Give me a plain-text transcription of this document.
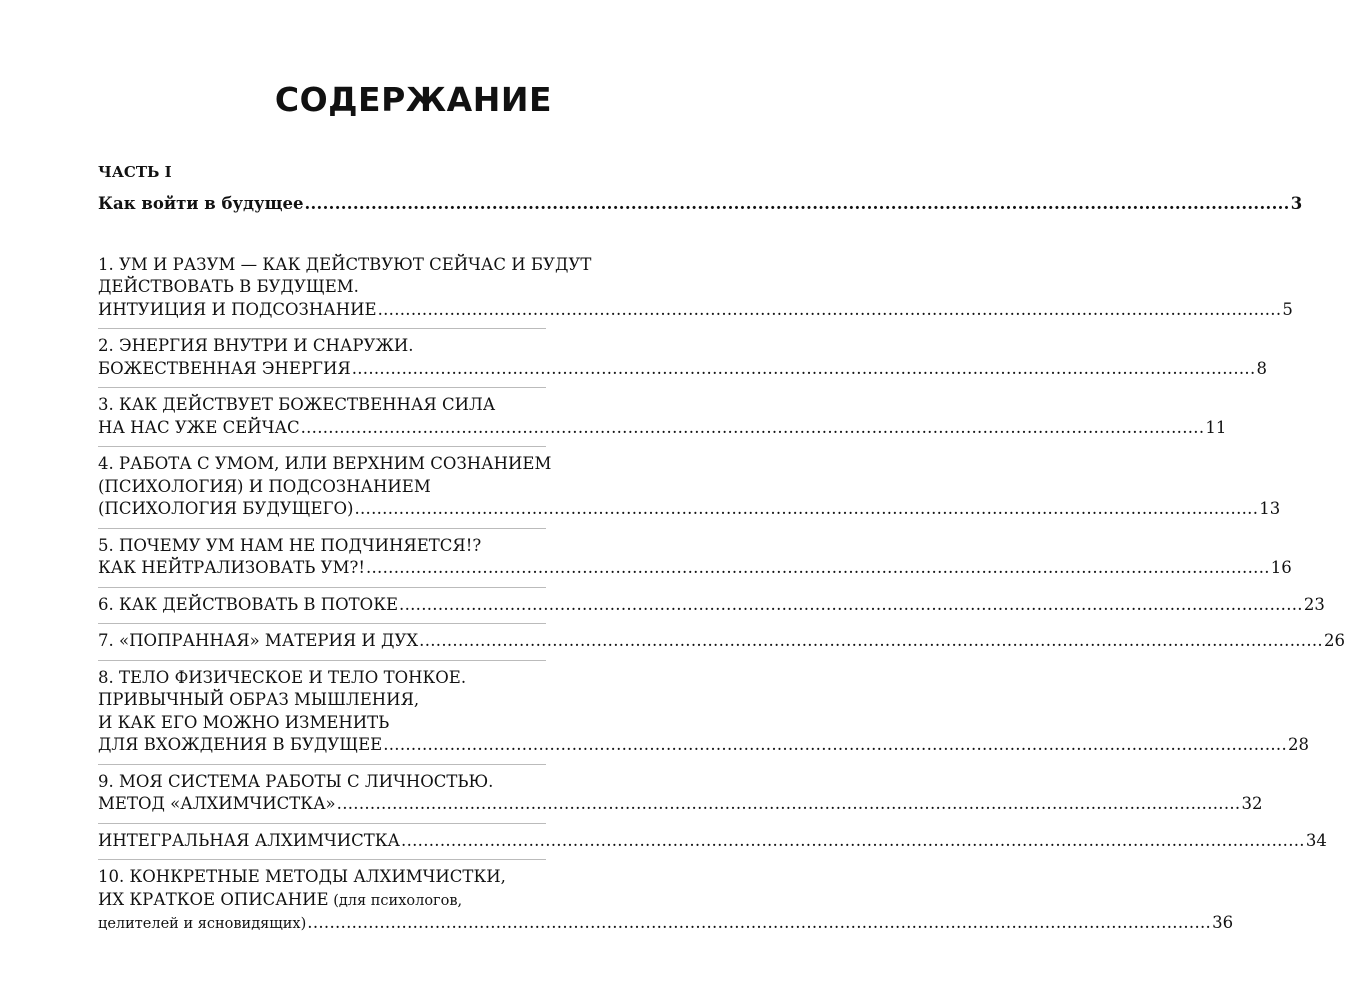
СОДЕРЖАНИЕ
ЧАСТЬ I
Как войти в будущее ................................................................................................................................................................... 3
1. УМ И РАЗУМ — КАК ДЕЙСТВУЮТ СЕЙЧАС И БУДУТ
ДЕЙСТВОВАТЬ В БУДУЩЕМ.
ИНТУИЦИЯ И ПОДСОЗНАНИЕ ................................................................................................................................................................... 5
2. ЭНЕРГИЯ ВНУТРИ И СНАРУЖИ.
БОЖЕСТВЕННАЯ ЭНЕРГИЯ ................................................................................................................................................................... 8
3. КАК ДЕЙСТВУЕТ БОЖЕСТВЕННАЯ СИЛА
НА НАС УЖЕ СЕЙЧАС ................................................................................................................................................................... 11
4. РАБОТА С УМОМ, ИЛИ ВЕРХНИМ СОЗНАНИЕМ
(ПСИХОЛОГИЯ) И ПОДСОЗНАНИЕМ
(ПСИХОЛОГИЯ БУДУЩЕГО) ................................................................................................................................................................... 13
5. ПОЧЕМУ УМ НАМ НЕ ПОДЧИНЯЕТСЯ!?
КАК НЕЙТРАЛИЗОВАТЬ УМ?! ................................................................................................................................................................... 16
6. КАК ДЕЙСТВОВАТЬ В ПОТОКЕ ................................................................................................................................................................... 23
7. «ПОПРАННАЯ» МАТЕРИЯ И ДУХ ................................................................................................................................................................... 26
8. ТЕЛО ФИЗИЧЕСКОЕ И ТЕЛО ТОНКОЕ.
ПРИВЫЧНЫЙ ОБРАЗ МЫШЛЕНИЯ,
И КАК ЕГО МОЖНО ИЗМЕНИТЬ
ДЛЯ ВХОЖДЕНИЯ В БУДУЩЕЕ ................................................................................................................................................................... 28
9. МОЯ СИСТЕМА РАБОТЫ С ЛИЧНОСТЬЮ.
МЕТОД «АЛХИМЧИСТКА» ................................................................................................................................................................... 32
ИНТЕГРАЛЬНАЯ АЛХИМЧИСТКА ................................................................................................................................................................... 34
10. КОНКРЕТНЫЕ МЕТОДЫ АЛХИМЧИСТКИ,
ИХ КРАТКОЕ ОПИСАНИЕ (для психологов,
целителей и ясновидящих) ................................................................................................................................................................... 36
